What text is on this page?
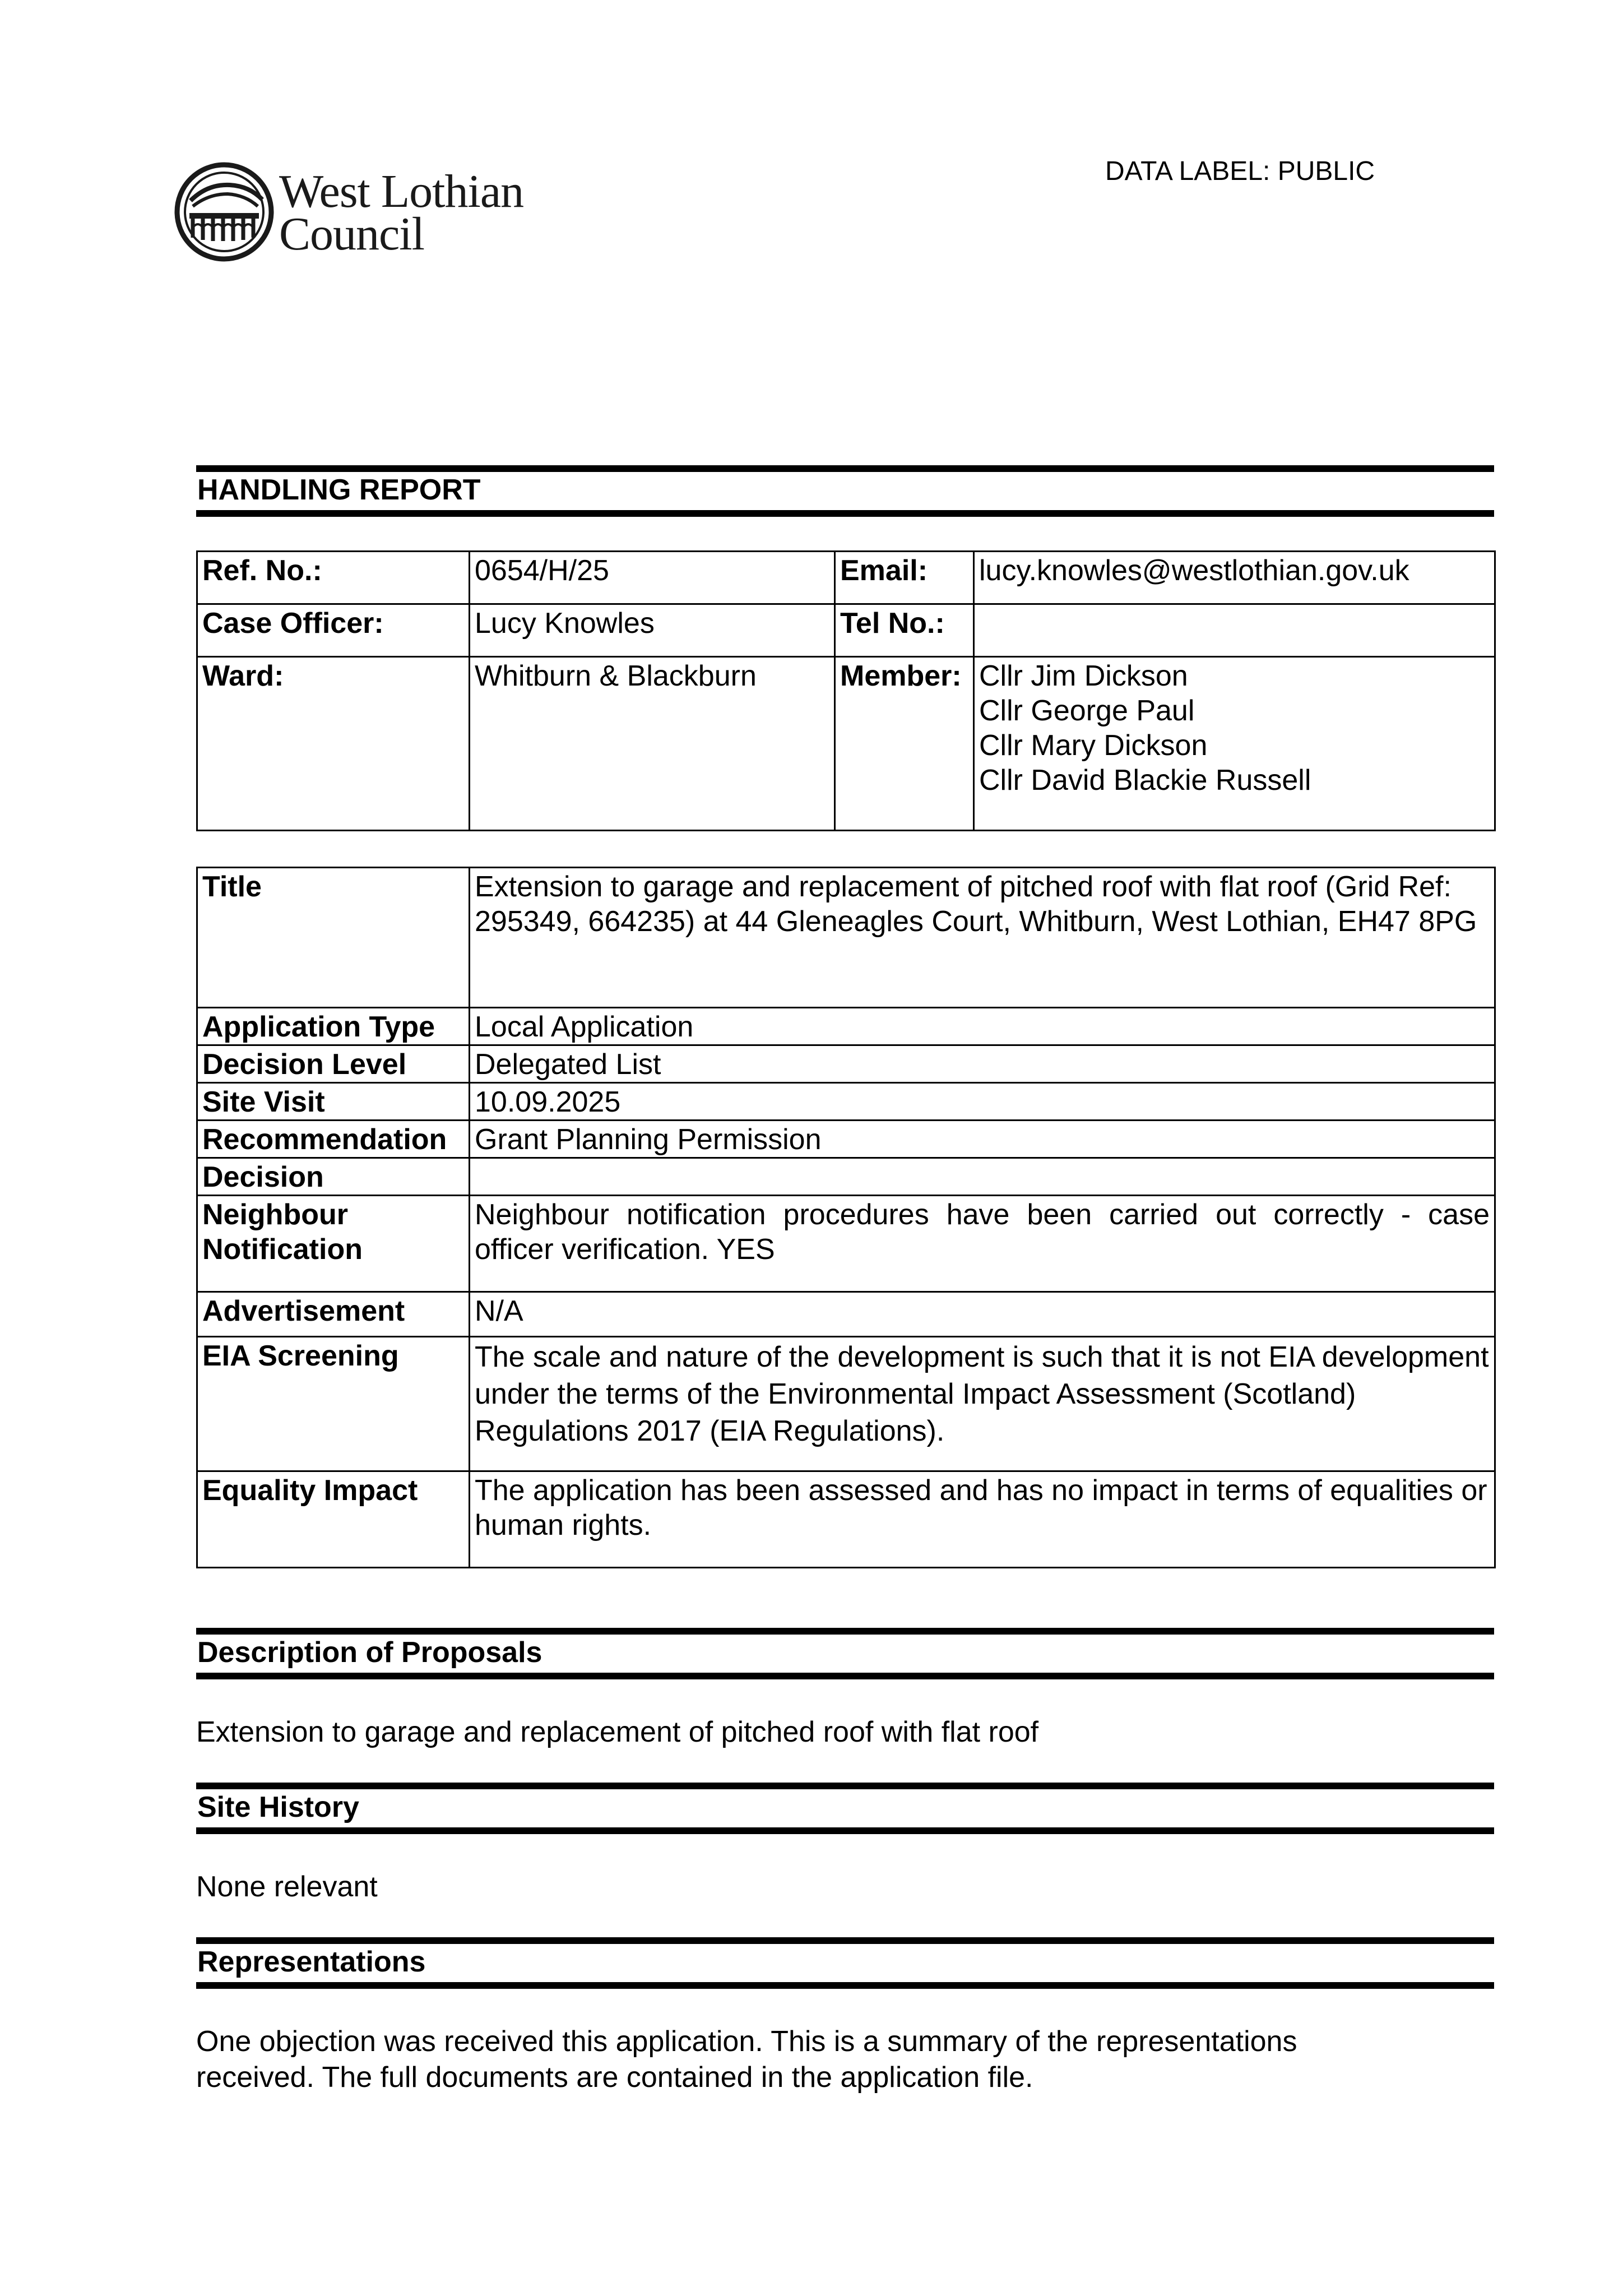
West Lothian
Council
DATA LABEL: PUBLIC
HANDLING REPORT
Ref. No.:	0654/H/25	Email:	lucy.knowles@westlothian.gov.uk
Case Officer:	Lucy Knowles	Tel No.:	
Ward:	Whitburn & Blackburn	Member:	Cllr Jim Dickson
Cllr George Paul
Cllr Mary Dickson
Cllr David Blackie Russell
Title	Extension to garage and replacement of pitched roof with flat roof (Grid Ref: 295349, 664235) at 44 Gleneagles Court, Whitburn, West Lothian, EH47 8PG
Application Type	Local Application
Decision Level	Delegated List
Site Visit	10.09.2025
Recommendation	Grant Planning Permission
Decision	

Neighbour
Notification	Neighbour notification procedures have been carried out correctly - case officer verification. YES
Advertisement	N/A
EIA Screening	The scale and nature of the development is such that it is not EIA development under the terms of the Environmental Impact Assessment (Scotland) Regulations 2017 (EIA Regulations).
Equality Impact	The application has been assessed and has no impact in terms of equalities or human rights.
Description of Proposals
Extension to garage and replacement of pitched roof with flat roof
Site History
None relevant
Representations
One objection was received this application. This is a summary of the representations
received. The full documents are contained in the application file.
